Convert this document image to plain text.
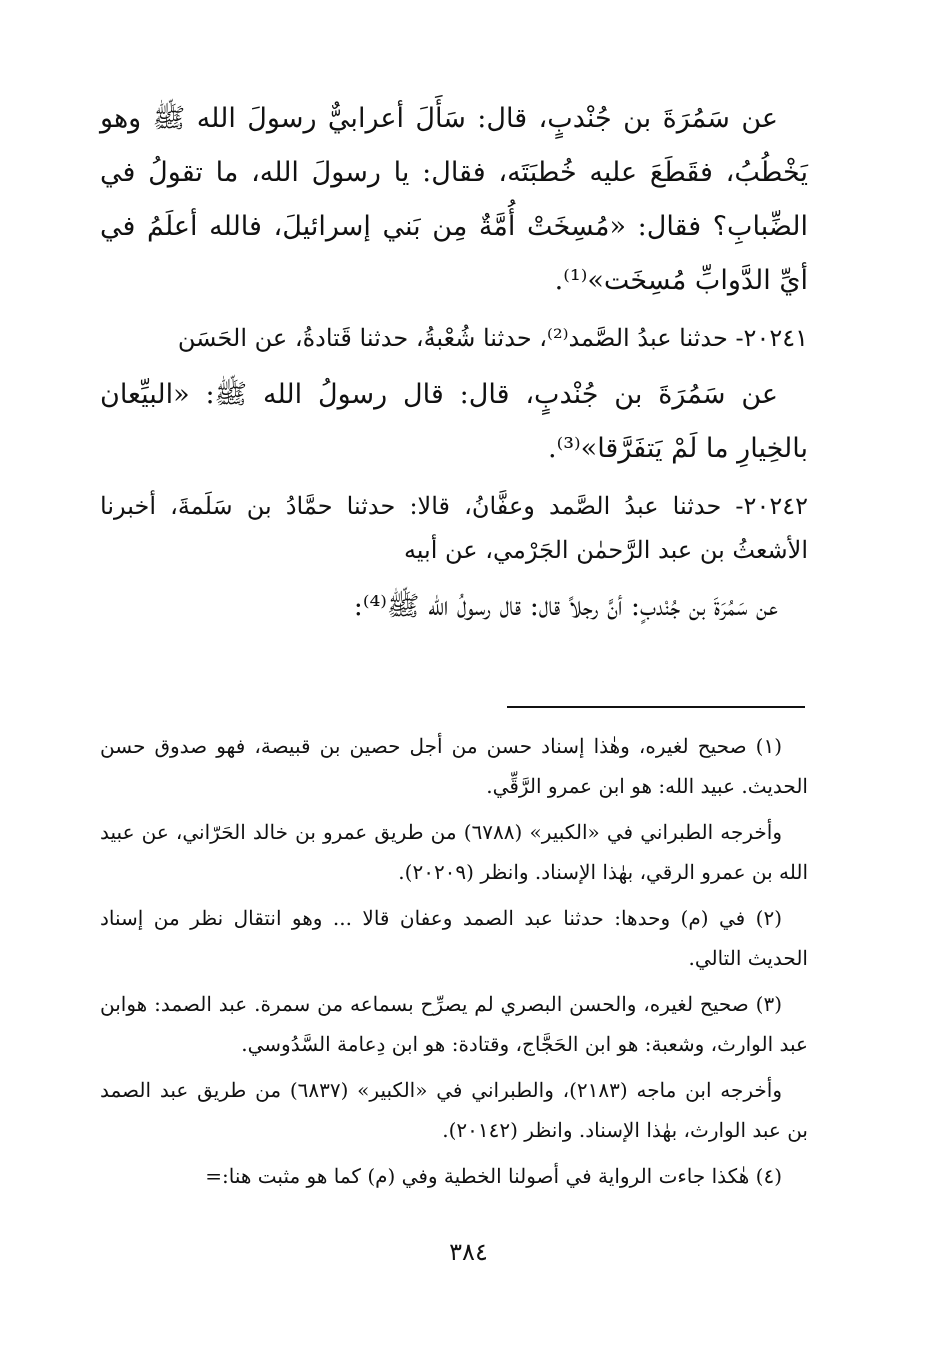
عن سَمُرَةَ بن جُنْدبٍ، قال: سَأَلَ أعرابيٌّ رسولَ الله ﷺ وهو يَخْطُبُ، فقَطَعَ عليه خُطبَتَه، فقال: يا رسولَ الله، ما تقولُ في الضِّبابِ؟ فقال: «مُسِخَتْ أُمَّةٌ مِن بَني إسرائيلَ، فالله أعلَمُ في أيِّ الدَّوابِّ مُسِخَت»⁽¹⁾.

٢٠٢٤١- حدثنا عبدُ الصَّمد⁽²⁾، حدثنا شُعْبةُ، حدثنا قَتادةُ، عن الحَسَن

عن سَمُرَةَ بن جُنْدبٍ، قال: قال رسولُ الله ﷺ: «البيِّعان بالخِيارِ ما لَمْ يَتفَرَّقا»⁽³⁾.

٢٠٢٤٢- حدثنا عبدُ الصَّمد وعفَّانُ، قالا: حدثنا حمَّادُ بن سَلَمةَ، أخبرنا الأشعثُ بن عبد الرَّحمٰن الجَرْمي، عن أبيه

عن سَمُرَةَ بن جُنْدبٍ: أنَّ رجلاً قال: قال رسولُ الله ﷺ⁽⁴⁾:

(١) صحيح لغيره، وهٰذا إسناد حسن من أجل حصين بن قبيصة، فهو صدوق حسن الحديث. عبيد الله: هو ابن عمرو الرَّقِّي.

وأخرجه الطبراني في «الكبير» (٦٧٨٨) من طريق عمرو بن خالد الحَرّاني، عن عبيد الله بن عمرو الرقي، بهٰذا الإسناد. وانظر (٢٠٢٠٩).

(٢) في (م) وحدها: حدثنا عبد الصمد وعفان قالا ... وهو انتقال نظر من إسناد الحديث التالي.

(٣) صحيح لغيره، والحسن البصري لم يصرِّح بسماعه من سمرة. عبد الصمد: هوابن عبد الوارث، وشعبة: هو ابن الحَجَّاج، وقتادة: هو ابن دِعامة السَّدُوسي.

وأخرجه ابن ماجه (٢١٨٣)، والطبراني في «الكبير» (٦٨٣٧) من طريق عبد الصمد بن عبد الوارث، بهٰذا الإسناد. وانظر (٢٠١٤٢).

(٤) هٰكذا جاءت الرواية في أصولنا الخطية وفي (م) كما هو مثبت هنا:=

٣٨٤
